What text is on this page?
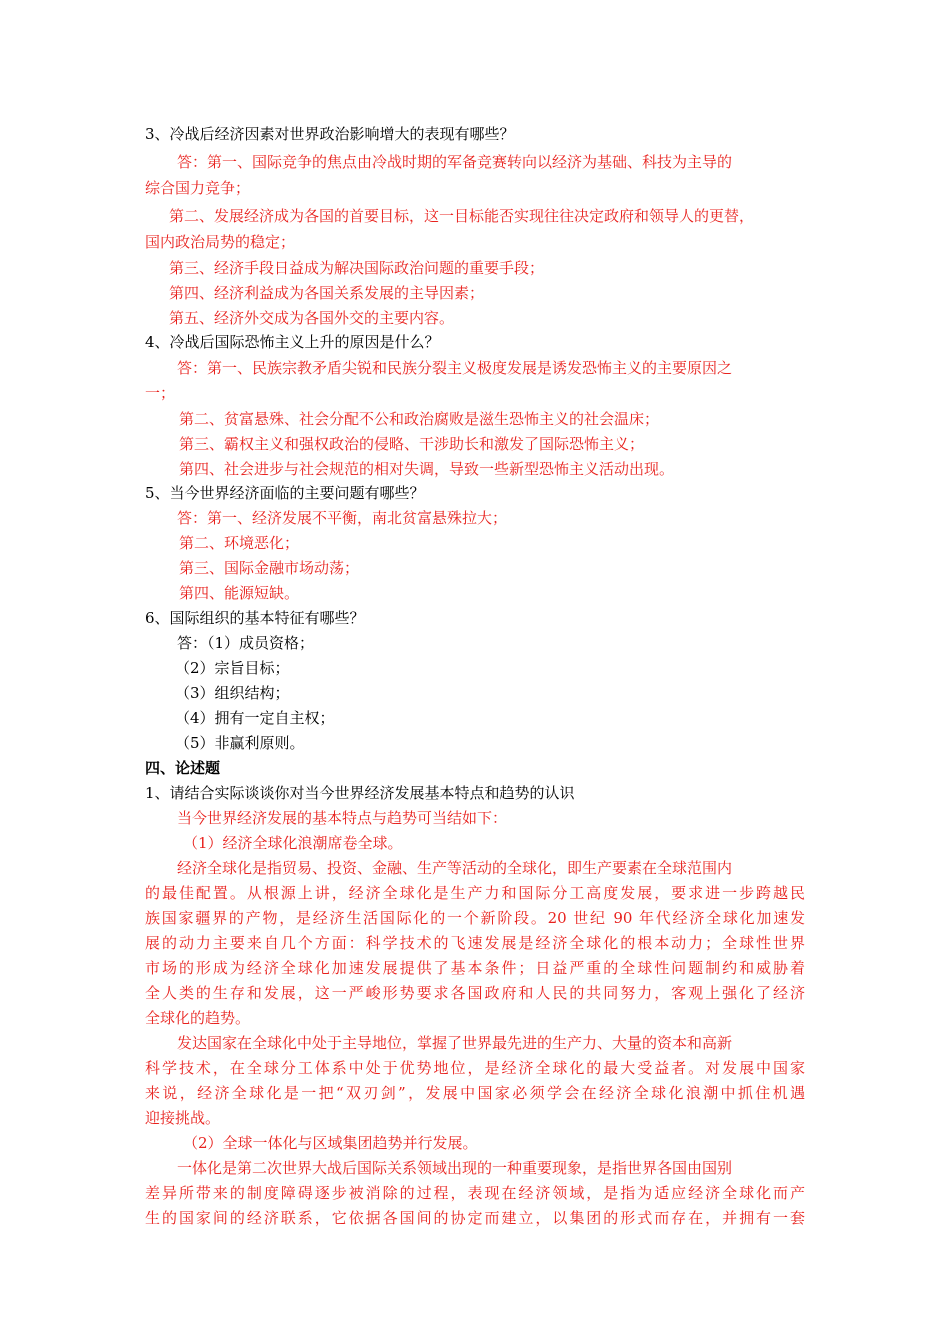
3、冷战后经济因素对世界政治影响增大的表现有哪些？
答：第一、国际竞争的焦点由冷战时期的军备竞赛转向以经济为基础、科技为主导的
综合国力竞争；
第二、发展经济成为各国的首要目标，这一目标能否实现往往决定政府和领导人的更替，
国内政治局势的稳定；
第三、经济手段日益成为解决国际政治问题的重要手段；
第四、经济利益成为各国关系发展的主导因素；
第五、经济外交成为各国外交的主要内容。
4、冷战后国际恐怖主义上升的原因是什么？
答：第一、民族宗教矛盾尖锐和民族分裂主义极度发展是诱发恐怖主义的主要原因之
一；
第二、贫富悬殊、社会分配不公和政治腐败是滋生恐怖主义的社会温床；
第三、霸权主义和强权政治的侵略、干涉助长和激发了国际恐怖主义；
第四、社会进步与社会规范的相对失调，导致一些新型恐怖主义活动出现。
5、当今世界经济面临的主要问题有哪些？
答：第一、经济发展不平衡，南北贫富悬殊拉大；
第二、环境恶化；
第三、国际金融市场动荡；
第四、能源短缺。
6、国际组织的基本特征有哪些？
答：（1）成员资格；
（2）宗旨目标；
（3）组织结构；
（4）拥有一定自主权；
（5）非赢利原则。
四、论述题
1、请结合实际谈谈你对当今世界经济发展基本特点和趋势的认识
当今世界经济发展的基本特点与趋势可当结如下：
（1）经济全球化浪潮席卷全球。
经济全球化是指贸易、投资、金融、生产等活动的全球化，即生产要素在全球范围内
的最佳配置。从根源上讲，经济全球化是生产力和国际分工高度发展，要求进一步跨越民
族国家疆界的产物，是经济生活国际化的一个新阶段。20 世纪 90 年代经济全球化加速发
展的动力主要来自几个方面：科学技术的飞速发展是经济全球化的根本动力；全球性世界
市场的形成为经济全球化加速发展提供了基本条件；日益严重的全球性问题制约和威胁着
全人类的生存和发展，这一严峻形势要求各国政府和人民的共同努力，客观上强化了经济
全球化的趋势。
发达国家在全球化中处于主导地位，掌握了世界最先进的生产力、大量的资本和高新
科学技术，在全球分工体系中处于优势地位，是经济全球化的最大受益者。对发展中国家
来说，经济全球化是一把“双刃剑”，发展中国家必须学会在经济全球化浪潮中抓住机遇
迎接挑战。
（2）全球一体化与区域集团趋势并行发展。
一体化是第二次世界大战后国际关系领域出现的一种重要现象，是指世界各国由国别
差异所带来的制度障碍逐步被消除的过程，表现在经济领域，是指为适应经济全球化而产
生的国家间的经济联系，它依据各国间的协定而建立，以集团的形式而存在，并拥有一套
